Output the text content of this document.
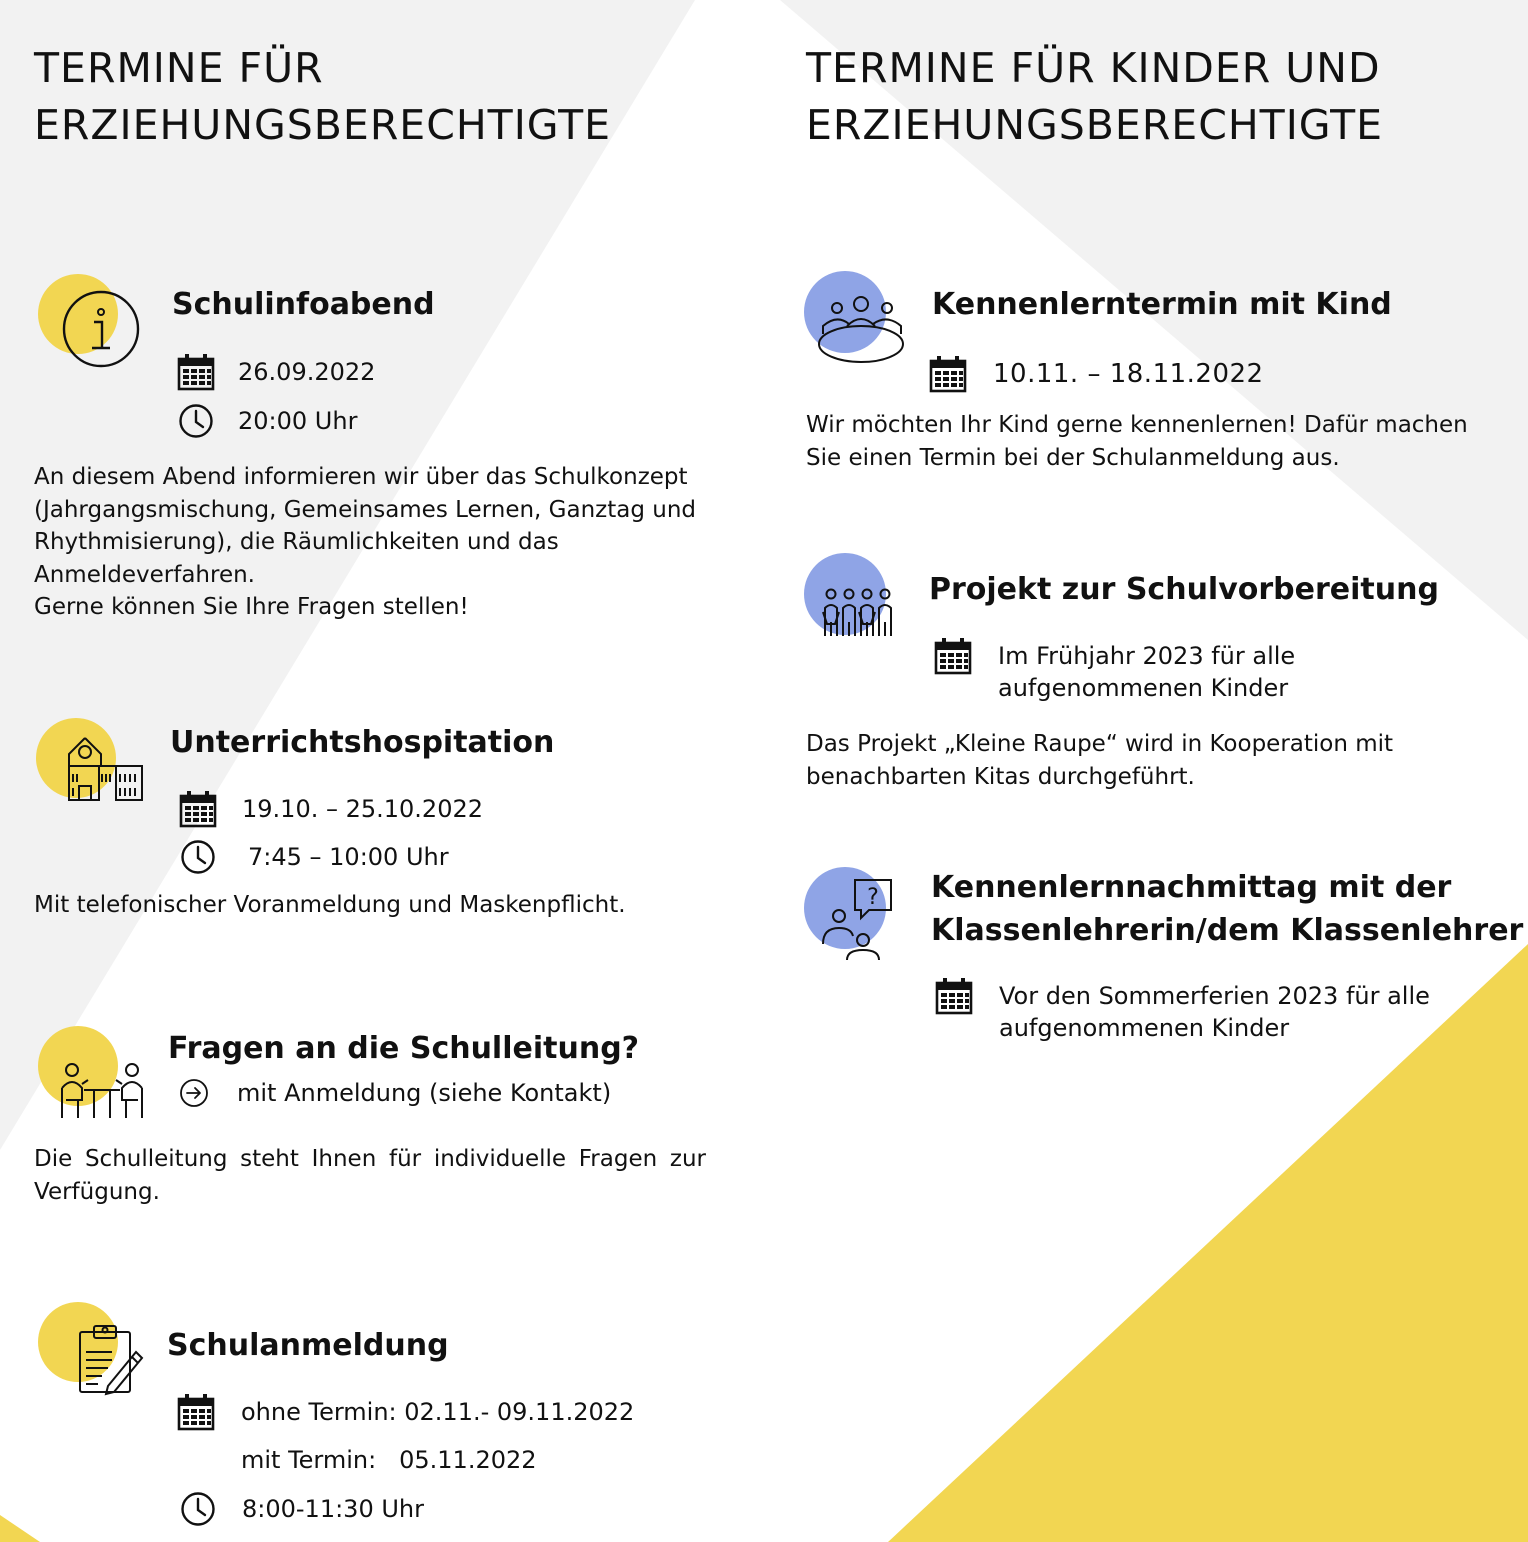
TERMINE FÜR
ERZIEHUNGSBERECHTIGTE
Schulinfoabend
26.09.2022
20:00 Uhr
An diesem Abend informieren wir über das Schulkonzept
(Jahrgangsmischung, Gemeinsames Lernen, Ganztag und
Rhythmisierung), die Räumlichkeiten und das
Anmeldeverfahren.
Gerne können Sie Ihre Fragen stellen!
Unterrichtshospitation
19.10. – 25.10.2022
7:45 – 10:00 Uhr
Mit telefonischer Voranmeldung und Maskenpflicht.
Fragen an die Schulleitung?
mit Anmeldung (siehe Kontakt)
Die Schulleitung steht Ihnen für individuelle Fragen zur Verfügung.
Schulanmeldung
ohne Termin: 02.11.- 09.11.2022
mit Termin:   05.11.2022
8:00-11:30 Uhr
TERMINE FÜR KINDER UND
ERZIEHUNGSBERECHTIGTE
Kennenlerntermin mit Kind
10.11. – 18.11.2022
Wir möchten Ihr Kind gerne kennenlernen! Dafür machen
Sie einen Termin bei der Schulanmeldung aus.
Projekt zur Schulvorbereitung
Im Frühjahr 2023 für alle
aufgenommenen Kinder
Das Projekt „Kleine Raupe“ wird in Kooperation mit
benachbarten Kitas durchgeführt.
? Kennenlernnachmittag mit der
Klassenlehrerin/dem Klassenlehrer
Vor den Sommerferien 2023 für alle
aufgenommenen Kinder
